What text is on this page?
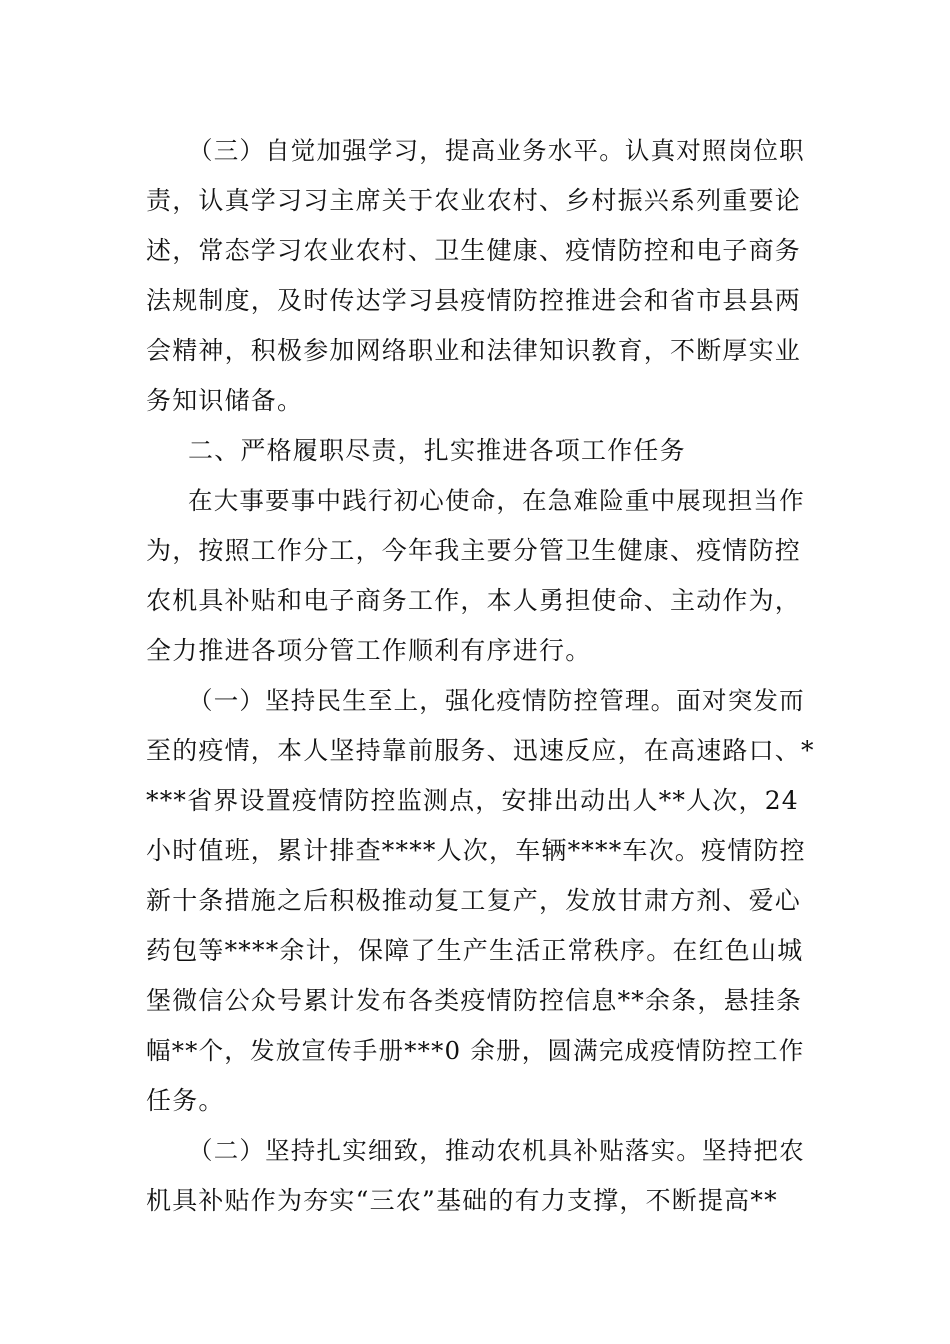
（三）自觉加强学习，提高业务水平。认真对照岗位职
责，认真学习习主席关于农业农村、乡村振兴系列重要论
述，常态学习农业农村、卫生健康、疫情防控和电子商务
法规制度，及时传达学习县疫情防控推进会和省市县县两
会精神，积极参加网络职业和法律知识教育，不断厚实业
务知识储备。
二、严格履职尽责，扎实推进各项工作任务
在大事要事中践行初心使命，在急难险重中展现担当作
为，按照工作分工，今年我主要分管卫生健康、疫情防控
农机具补贴和电子商务工作，本人勇担使命、主动作为，
全力推进各项分管工作顺利有序进行。
（一）坚持民生至上，强化疫情防控管理。面对突发而
至的疫情，本人坚持靠前服务、迅速反应，在高速路口、*
***省界设置疫情防控监测点，安排出动出人**人次，24
小时值班，累计排查****人次，车辆****车次。疫情防控
新十条措施之后积极推动复工复产，发放甘肃方剂、爱心
药包等****余计，保障了生产生活正常秩序。在红色山城
堡微信公众号累计发布各类疫情防控信息**余条，悬挂条
幅**个，发放宣传手册***0 余册，圆满完成疫情防控工作
任务。
（二）坚持扎实细致，推动农机具补贴落实。坚持把农
机具补贴作为夯实“三农”基础的有力支撑，不断提高**
